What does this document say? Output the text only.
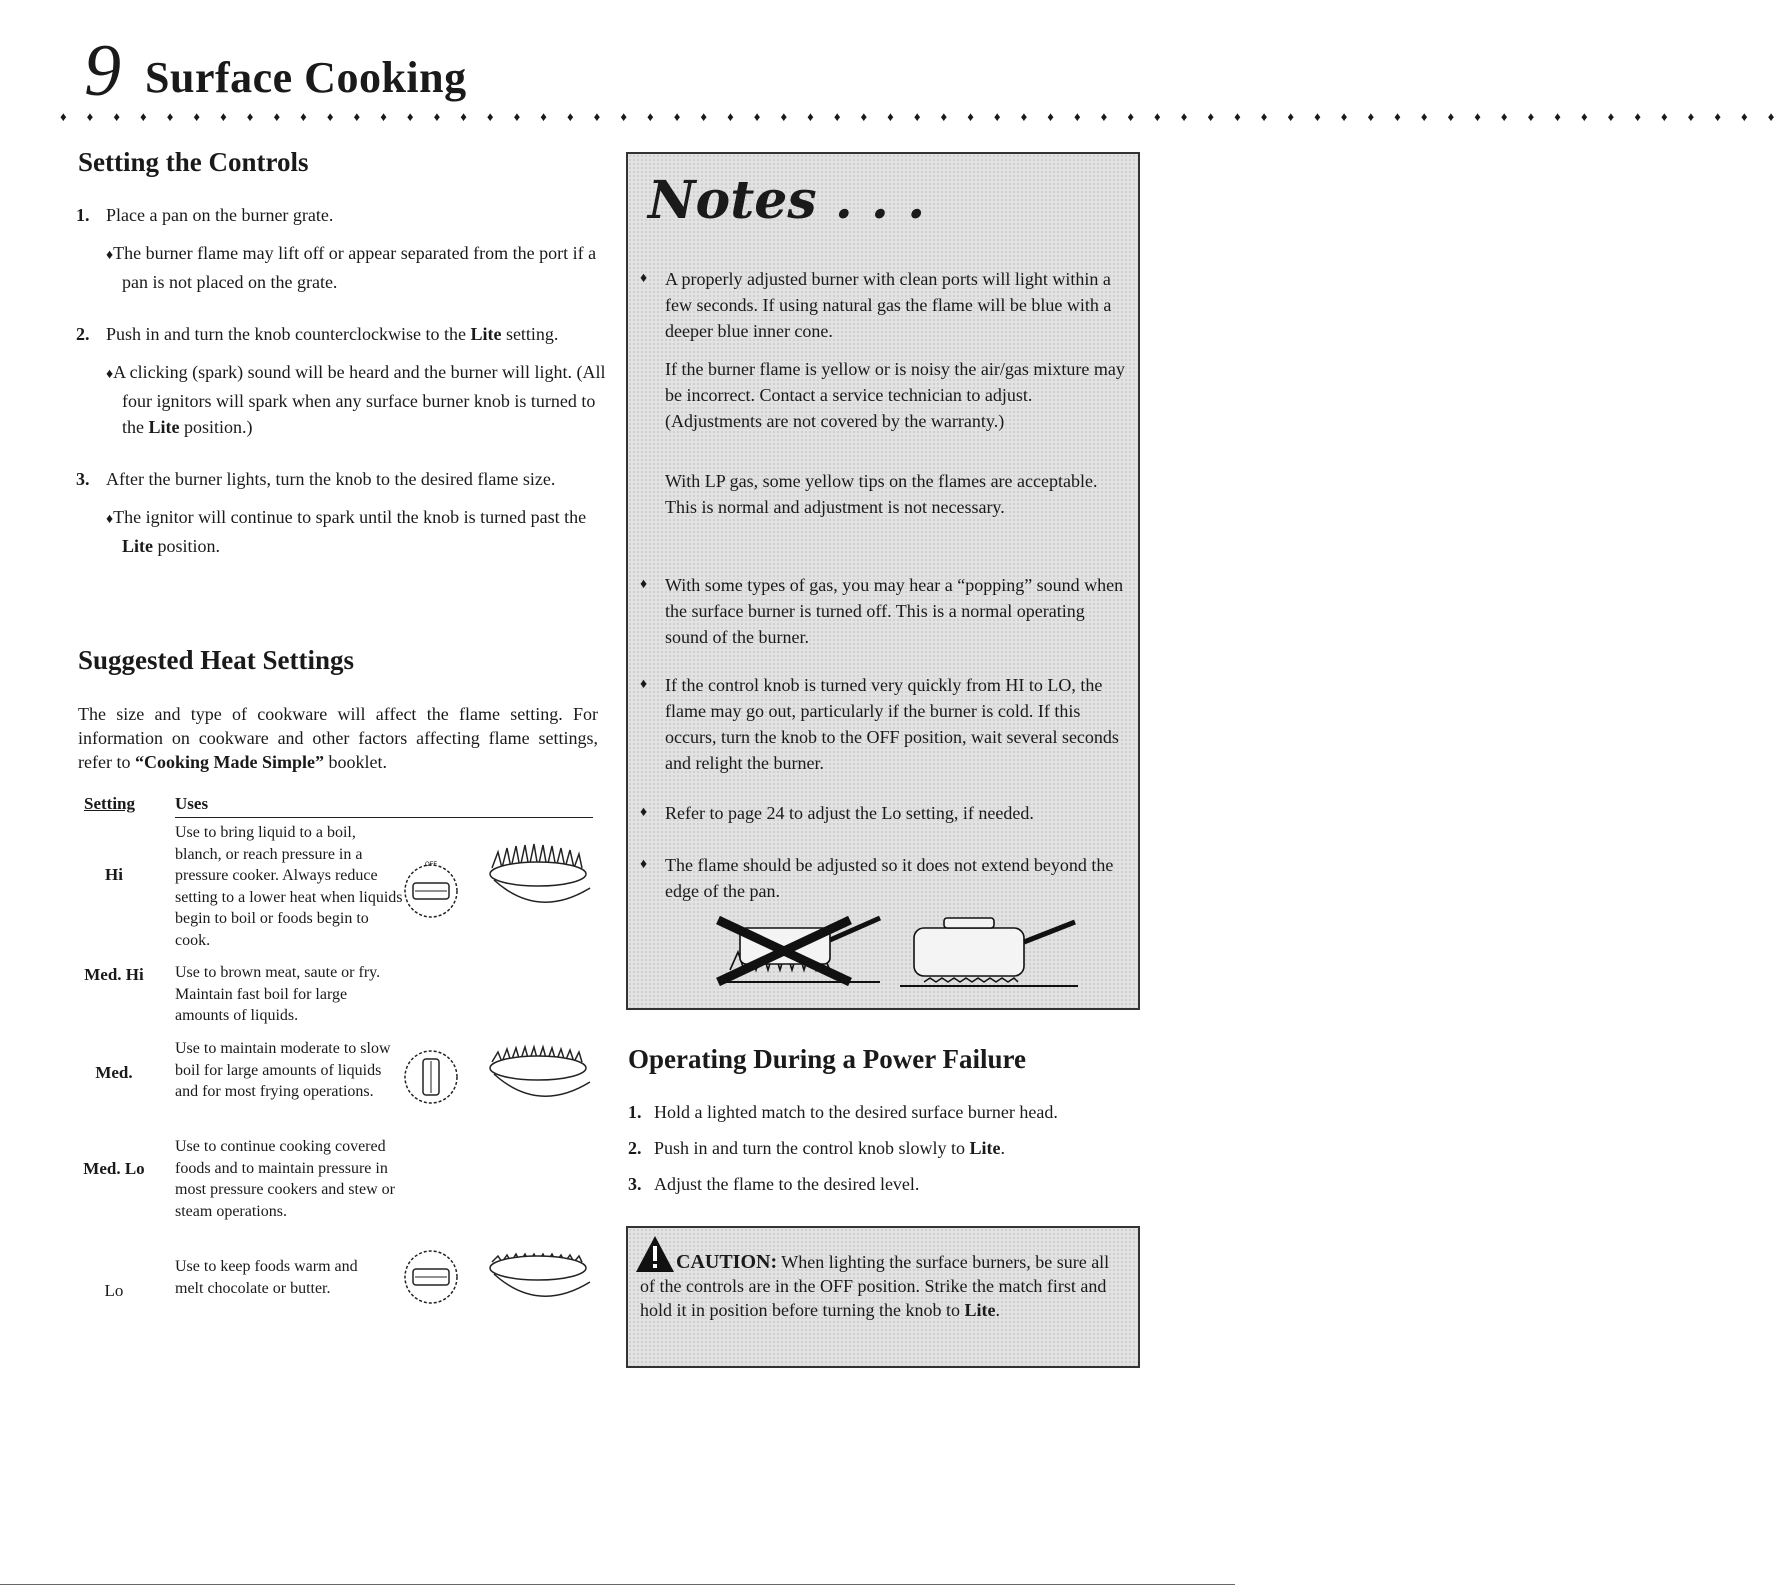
9 Surface Cooking
♦ ♦ ♦ ♦ ♦ ♦ ♦ ♦ ♦ ♦ ♦ ♦ ♦ ♦ ♦ ♦ ♦ ♦ ♦ ♦ ♦ ♦ ♦ ♦ ♦ ♦ ♦ ♦ ♦ ♦ ♦ ♦ ♦ ♦ ♦ ♦ ♦ ♦ ♦ ♦ ♦ ♦ ♦ ♦ ♦ ♦ ♦ ♦ ♦ ♦ ♦ ♦ ♦ ♦ ♦ ♦ ♦ ♦ ♦ ♦ ♦ ♦ ♦ ♦ ♦
Setting the Controls
1. Place a pan on the burner grate.
♦The burner flame may lift off or appear separated from the port if a pan is not placed on the grate.
2. Push in and turn the knob counterclockwise to the Lite setting.
♦A clicking (spark) sound will be heard and the burner will light. (All four ignitors will spark when any surface burner knob is turned to the Lite position.)
3. After the burner lights, turn the knob to the desired flame size.
♦The ignitor will continue to spark until the knob is turned past the Lite position.
Suggested Heat Settings
The size and type of cookware will affect the flame setting. For information on cookware and other factors affecting flame settings, refer to “Cooking Made Simple” booklet.
Setting Uses
Hi
Use to bring liquid to a boil, blanch, or reach pressure in a pressure cooker. Always reduce setting to a lower heat when liquids begin to boil or foods begin to cook.
OFF
Med. Hi	Use to brown meat, saute or fry. Maintain fast boil for large amounts of liquids.
Med.
Use to maintain moderate to slow boil for large amounts of liquids and for most frying operations.
Med. Lo
Use to continue cooking covered foods and to maintain pressure in most pressure cookers and stew or steam operations.
Lo
Use to keep foods warm and melt chocolate or butter.
Notes . . .
♦ A properly adjusted burner with clean ports will light within a few seconds. If using natural gas the flame will be blue with a deeper blue inner cone.
If the burner flame is yellow or is noisy the air/gas mixture may be incorrect. Contact a service technician to adjust. (Adjustments are not covered by the warranty.)
With LP gas, some yellow tips on the flames are acceptable. This is normal and adjustment is not necessary.
♦ With some types of gas, you may hear a “popping” sound when the surface burner is turned off. This is a normal operating sound of the burner.
♦ If the control knob is turned very quickly from HI to LO, the flame may go out, particularly if the burner is cold. If this occurs, turn the knob to the OFF position, wait several seconds and relight the burner.
♦ Refer to page 24 to adjust the Lo setting, if needed.
♦ The flame should be adjusted so it does not extend beyond the edge of the pan.
Operating During a Power Failure
1. Hold a lighted match to the desired surface burner head.
2. Push in and turn the control knob slowly to Lite.
3. Adjust the flame to the desired level.
CAUTION: When lighting the surface burners, be sure all of the controls are in the OFF position. Strike the match first and hold it in position before turning the knob to Lite.
